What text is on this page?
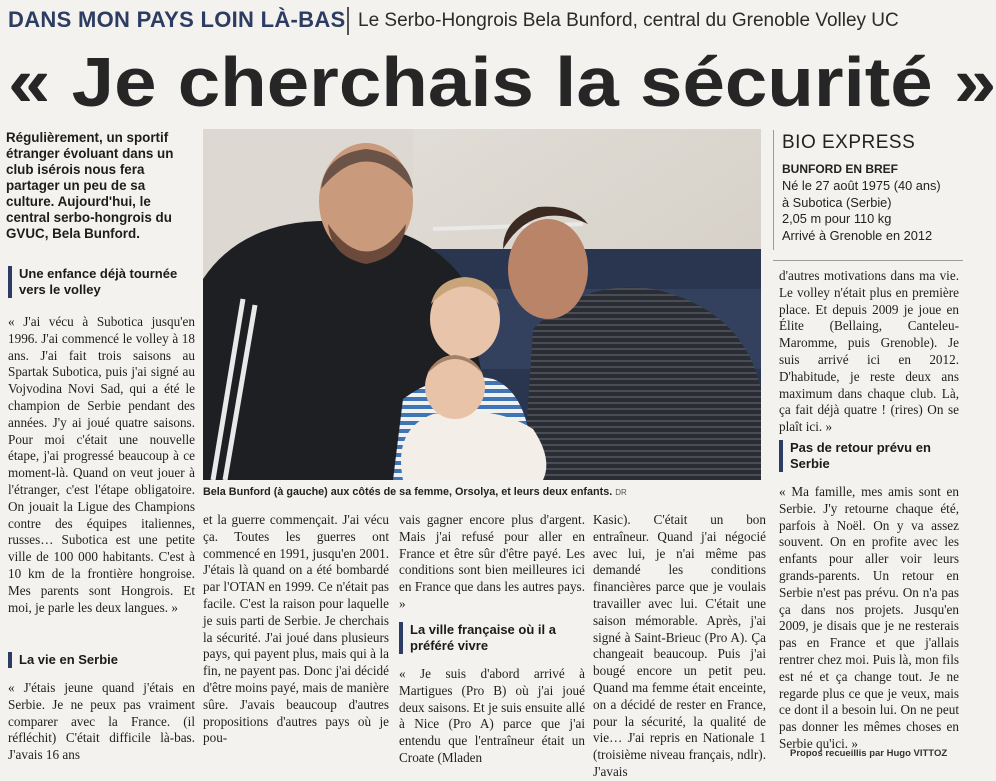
DANS MON PAYS LOIN LÀ-BAS Le Serbo-Hongrois Bela Bunford, central du Grenoble Volley UC
« Je cherchais la sécurité »
Régulièrement, un sportif étranger évoluant dans un club isérois nous fera partager un peu de sa culture. Aujourd'hui, le central serbo-hongrois du GVUC, Bela Bunford.
Une enfance déjà tournée vers le volley
« J'ai vécu à Subotica jusqu'en 1996. J'ai commencé le volley à 18 ans. J'ai fait trois saisons au Spartak Subotica, puis j'ai signé au Vojvodina Novi Sad, qui a été le champion de Serbie pendant des années. J'y ai joué quatre saisons. Pour moi c'était une nouvelle étape, j'ai progressé beaucoup à ce moment-là. Quand on veut jouer à l'étranger, c'est l'étape obligatoire. On jouait la Ligue des Champions contre des équipes italiennes, russes… Subotica est une petite ville de 100 000 habitants. C'est à 10 km de la frontière hongroise. Mes parents sont Hongrois. Et moi, je parle les deux langues. »
La vie en Serbie
« J'étais jeune quand j'étais en Serbie. Je ne peux pas vraiment comparer avec la France. (il réfléchit) C'était difficile là-bas. J'avais 16 ans
Bela Bunford (à gauche) aux côtés de sa femme, Orsolya, et leurs deux enfants. DR
et la guerre commençait. J'ai vécu ça. Toutes les guerres ont commencé en 1991, jusqu'en 2001. J'étais là quand on a été bombardé par l'OTAN en 1999. Ce n'était pas facile. C'est la raison pour laquelle je suis parti de Serbie. Je cherchais la sécurité. J'ai joué dans plusieurs pays, qui payent plus, mais qui à la fin, ne payent pas. Donc j'ai décidé d'être moins payé, mais de manière sûre. J'avais beaucoup d'autres propositions d'autres pays où je pou-
vais gagner encore plus d'argent. Mais j'ai refusé pour aller en France et être sûr d'être payé. Les conditions sont bien meilleures ici en France que dans les autres pays. »
La ville française où il a préféré vivre
« Je suis d'abord arrivé à Martigues (Pro B) où j'ai joué deux saisons. Et je suis ensuite allé à Nice (Pro A) parce que j'ai entendu que l'entraîneur était un Croate (Mladen
Kasic). C'était un bon entraîneur. Quand j'ai négocié avec lui, je n'ai même pas demandé les conditions financières parce que je voulais travailler avec lui. C'était une saison mémorable. Après, j'ai signé à Saint-Brieuc (Pro A). Ça changeait beaucoup. Puis j'ai bougé encore un petit peu. Quand ma femme était enceinte, on a décidé de rester en France, pour la sécurité, la qualité de vie… J'ai repris en Nationale 1 (troisième niveau français, ndlr). J'avais
BIO EXPRESS
BUNFORD EN BREF
Né le 27 août 1975 (40 ans)
à Subotica (Serbie)
2,05 m pour 110 kg
Arrivé à Grenoble en 2012
d'autres motivations dans ma vie. Le volley n'était plus en première place. Et depuis 2009 je joue en Élite (Bellaing, Canteleu-Maromme, puis Grenoble). Je suis arrivé ici en 2012. D'habitude, je reste deux ans maximum dans chaque club. Là, ça fait déjà quatre ! (rires) On se plaît ici. »
Pas de retour prévu en Serbie
« Ma famille, mes amis sont en Serbie. J'y retourne chaque été, parfois à Noël. On y va assez souvent. On en profite avec les enfants pour aller voir leurs grands-parents. Un retour en Serbie n'est pas prévu. On n'a pas ça dans nos projets. Jusqu'en 2009, je disais que je ne resterais pas en France et que j'allais rentrer chez moi. Puis là, mon fils est né et ça change tout. Je ne regarde plus ce que je veux, mais ce dont il a besoin lui. On ne peut pas donner les mêmes choses en Serbie qu'ici. »
Propos recueillis par Hugo VITTOZ
